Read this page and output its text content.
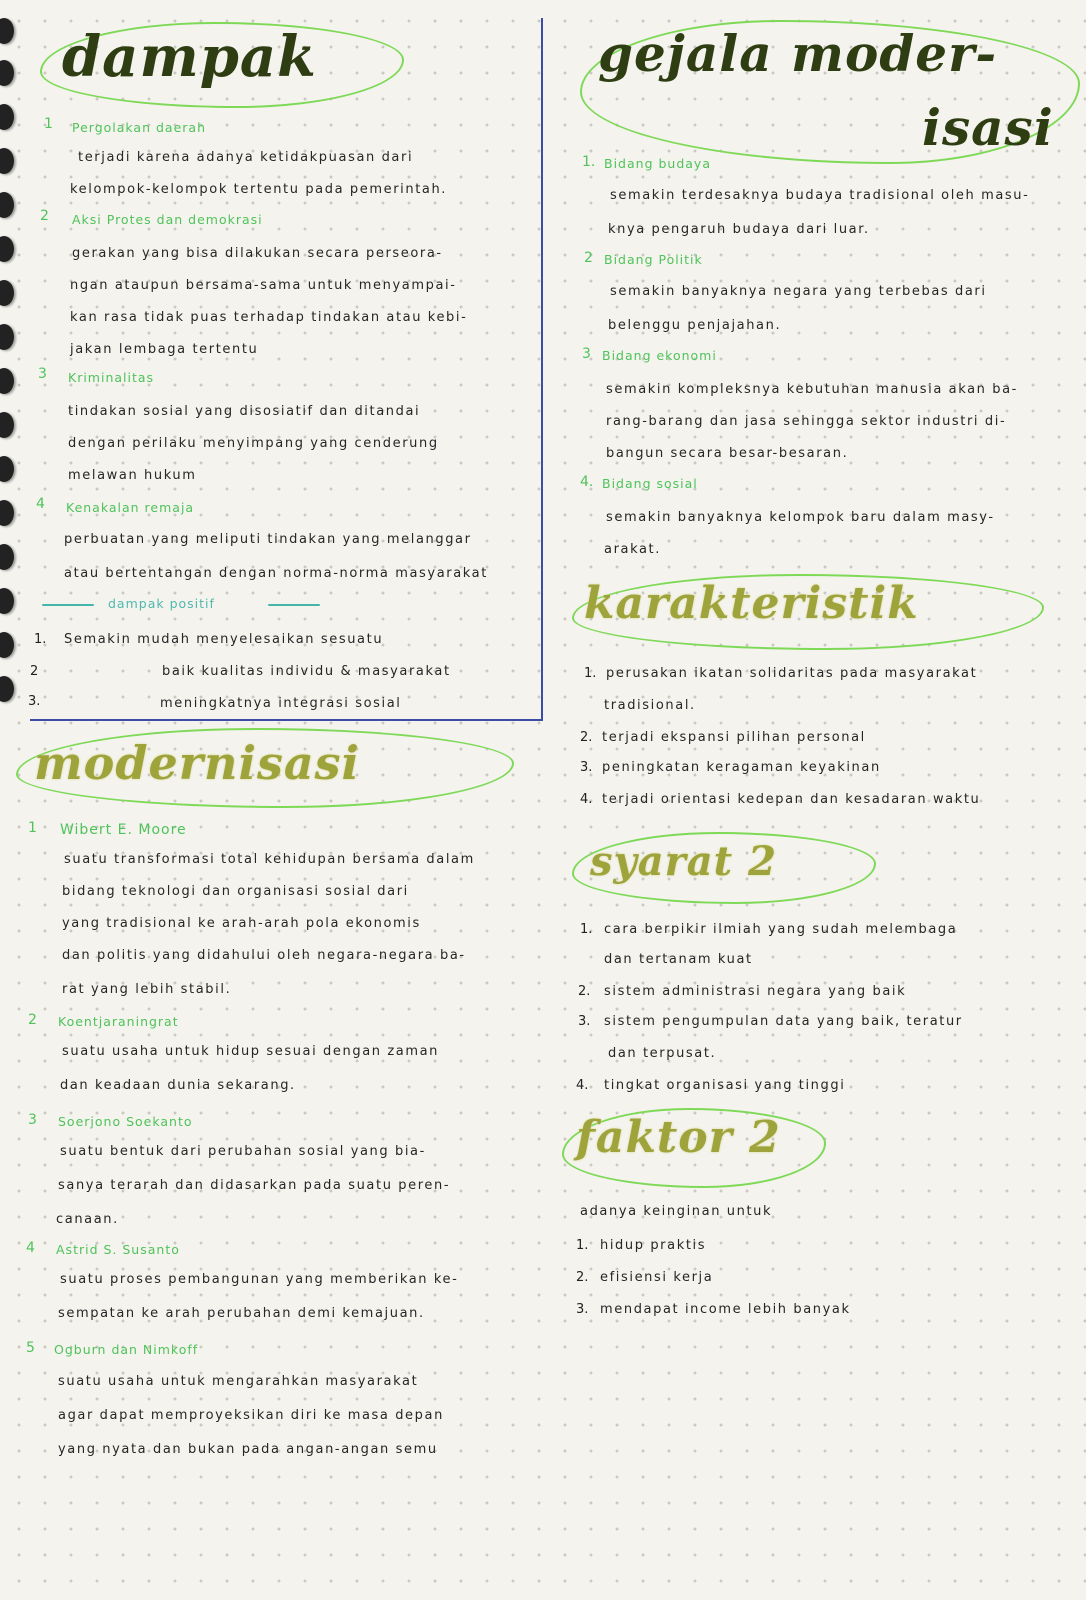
dampak
1 Pergolakan daerah
terjadi karena adanya ketidakpuasan dari
kelompok-kelompok tertentu pada pemerintah.
2 Aksi Protes dan demokrasi
gerakan yang bisa dilakukan secara perseora-
ngan ataupun bersama-sama untuk menyampai-
kan rasa tidak puas terhadap tindakan atau kebi-
jakan lembaga tertentu
3 Kriminalitas
tindakan sosial yang disosiatif dan ditandai
dengan perilaku menyimpang yang cenderung
melawan hukum
4 Kenakalan remaja
perbuatan yang meliputi tindakan yang melanggar
atau bertentangan dengan norma-norma masyarakat
dampak positif
1. Semakin mudah menyelesaikan sesuatu
2	baik kualitas individu & masyarakat
3.	meningkatnya integrasi sosial
modernisasi
1 Wibert E. Moore
suatu transformasi total kehidupan bersama dalam
bidang teknologi dan organisasi sosial dari
yang tradisional ke arah-arah pola ekonomis
dan politis yang didahului oleh negara-negara ba-
rat yang lebih stabil.
2 Koentjaraningrat
suatu usaha untuk hidup sesuai dengan zaman
dan keadaan dunia sekarang.
3 Soerjono Soekanto
suatu bentuk dari perubahan sosial yang bia-
sanya terarah dan didasarkan pada suatu peren-
canaan.
4 Astrid S. Susanto
suatu proses pembangunan yang memberikan ke-
sempatan ke arah perubahan demi kemajuan.
5 Ogburn dan Nimkoff
suatu usaha untuk mengarahkan masyarakat
agar dapat memproyeksikan diri ke masa depan
yang nyata dan bukan pada angan-angan semu
gejala moder-
isasi
1. Bidang budaya
semakin terdesaknya budaya tradisional oleh masu-
knya pengaruh budaya dari luar.
2 Bidang Politik
semakin banyaknya negara yang terbebas dari
belenggu penjajahan.
3 Bidang ekonomi
semakin kompleksnya kebutuhan manusia akan ba-
rang-barang dan jasa sehingga sektor industri di-
bangun secara besar-besaran.
4. Bidang sosial
semakin banyaknya kelompok baru dalam masy-
arakat.
karakteristik
1. perusakan ikatan solidaritas pada masyarakat
tradisional.
2. terjadi ekspansi pilihan personal
3. peningkatan keragaman keyakinan
4. terjadi orientasi kedepan dan kesadaran waktu
syarat 2
1. cara berpikir ilmiah yang sudah melembaga
dan tertanam kuat
2. sistem administrasi negara yang baik
3. sistem pengumpulan data yang baik, teratur
dan terpusat.
4. tingkat organisasi yang tinggi
faktor 2
adanya keinginan untuk
1. hidup praktis
2. efisiensi kerja
3. mendapat income lebih banyak
